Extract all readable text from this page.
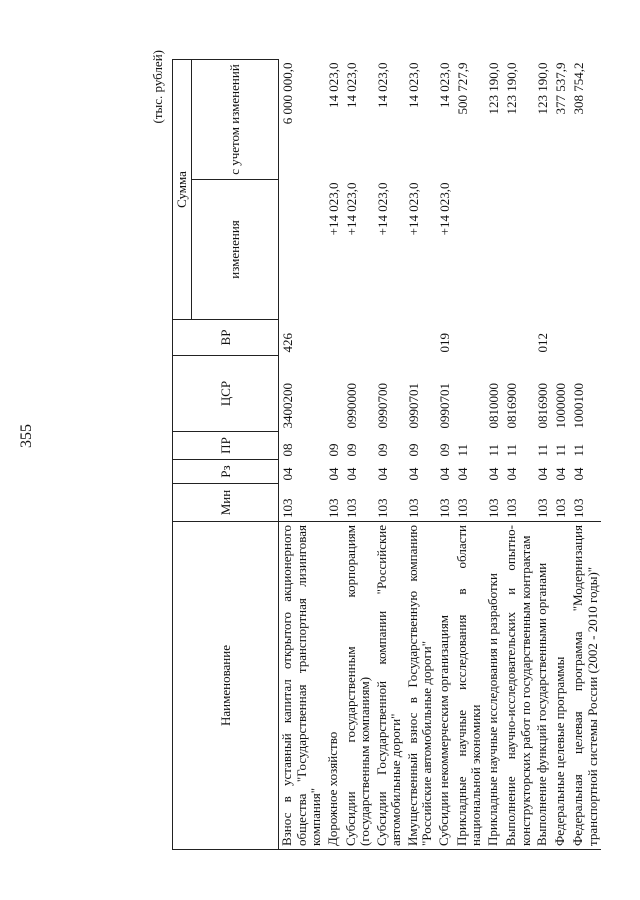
355
(тыс. рублей)
Наименование	Мин	Рз	ПР	ЦСР	ВР	Сумма	
						изменения	с учетом изменений
Взнос в уставный капитал открытого акционерного общества "Государственная транспортная лизинговая компания"	103	04	08	3400200	426		6 000 000,0
Дорожное хозяйство	103	04	09			+14 023,0	14 023,0
Субсидии государственным корпорациям (государственным компаниям)	103	04	09	0990000		+14 023,0	14 023,0
Субсидии Государственной компании "Российские автомобильные дороги"	103	04	09	0990700		+14 023,0	14 023,0
Имущественный взнос в Государственную компанию "Российские автомобильные дороги"	103	04	09	0990701		+14 023,0	14 023,0
Субсидии некоммерческим организациям	103	04	09	0990701	019	+14 023,0	14 023,0
Прикладные научные исследования в области национальной экономики	103	04	11				500 727,9
Прикладные научные исследования и разработки	103	04	11	0810000			123 190,0
Выполнение научно-исследовательских и опытно-конструкторских работ по государственным контрактам	103	04	11	0816900			123 190,0
Выполнение функций государственными органами	103	04	11	0816900	012		123 190,0
Федеральные целевые программы	103	04	11	1000000			377 537,9
Федеральная целевая программа "Модернизация транспортной системы России (2002 - 2010 годы)"	103	04	11	1000100			308 754,2
